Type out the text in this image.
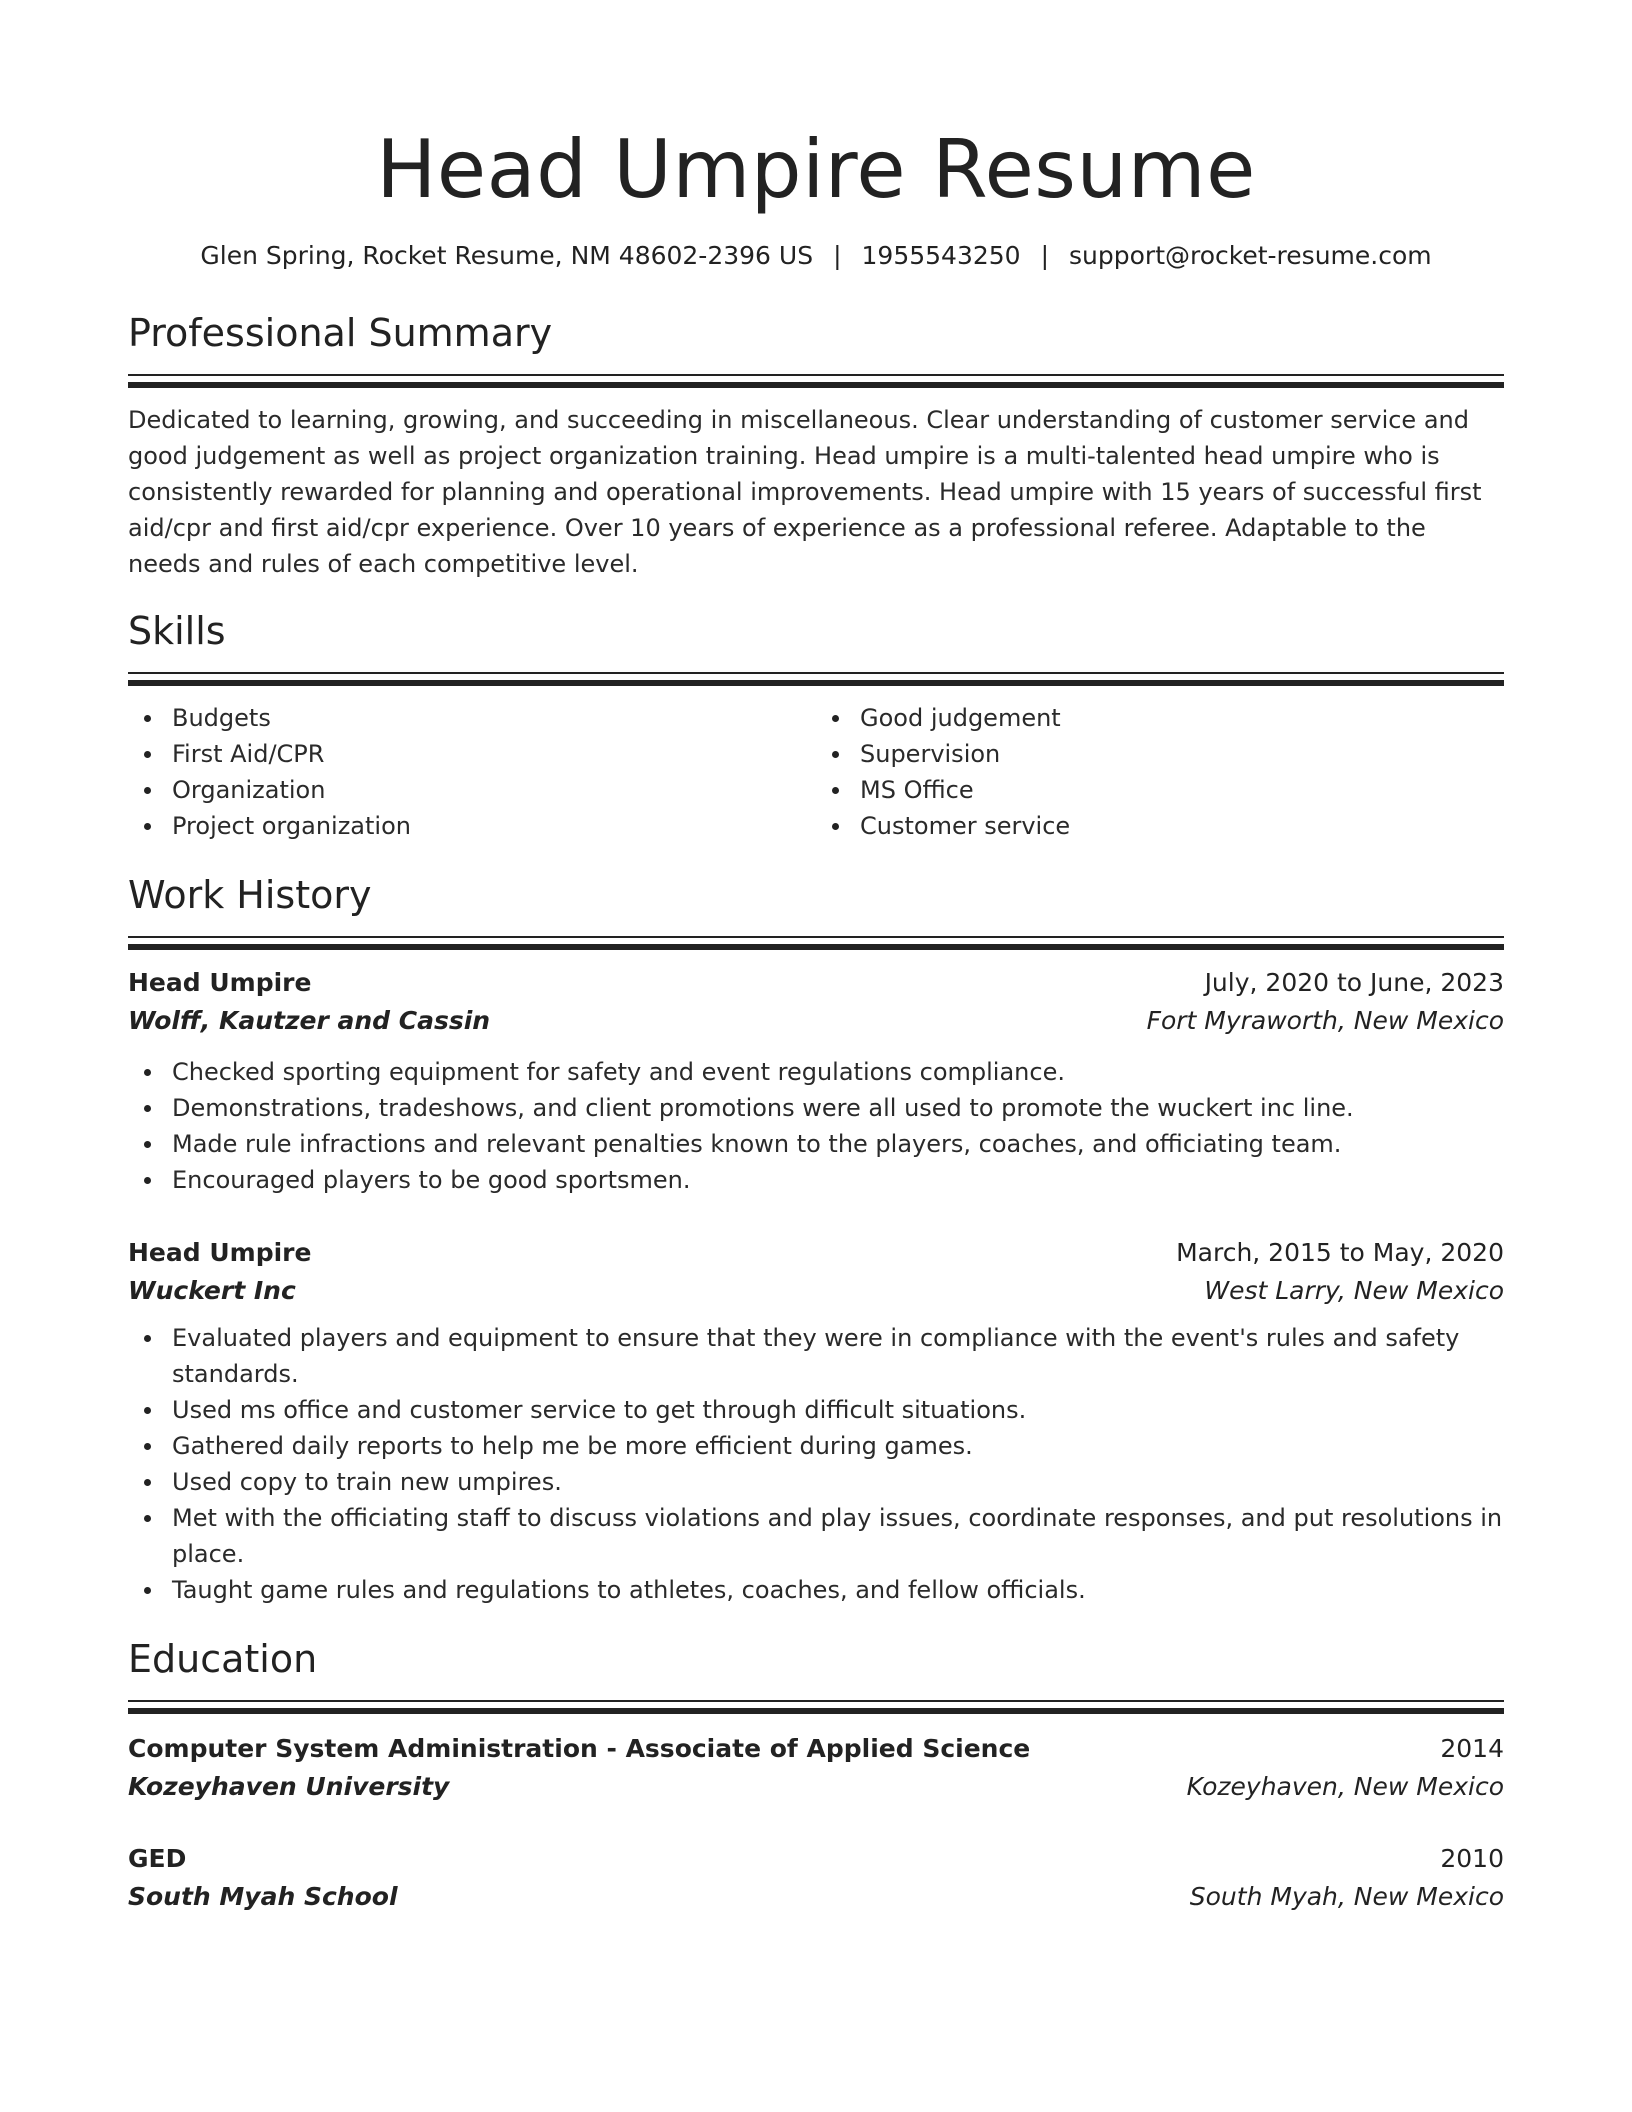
Head Umpire Resume
Glen Spring, Rocket Resume, NM 48602-2396 US | 1955543250 | support@rocket-resume.com
Professional Summary

Dedicated to learning, growing, and succeeding in miscellaneous. Clear understanding of customer service and good judgement as well as project organization training. Head umpire is a multi-talented head umpire who is consistently rewarded for planning and operational improvements. Head umpire with 15 years of successful first aid/cpr and first aid/cpr experience. Over 10 years of experience as a professional referee. Adaptable to the needs and rules of each competitive level.

Skills
Budgets
First Aid/CPR
Organization
Project organization
Good judgement
Supervision
MS Office
Customer service
Work History
Head Umpire	July, 2020 to June, 2023
Wolff, Kautzer and Cassin	Fort Myraworth, New Mexico
Checked sporting equipment for safety and event regulations compliance.
Demonstrations, tradeshows, and client promotions were all used to promote the wuckert inc line.
Made rule infractions and relevant penalties known to the players, coaches, and officiating team.
Encouraged players to be good sportsmen.
Head Umpire	March, 2015 to May, 2020
Wuckert Inc	West Larry, New Mexico
Evaluated players and equipment to ensure that they were in compliance with the event's rules and safety standards.
Used ms office and customer service to get through difficult situations.
Gathered daily reports to help me be more efficient during games.
Used copy to train new umpires.
Met with the officiating staff to discuss violations and play issues, coordinate responses, and put resolutions in place.
Taught game rules and regulations to athletes, coaches, and fellow officials.
Education
Computer System Administration - Associate of Applied Science	2014
Kozeyhaven University	Kozeyhaven, New Mexico
GED	2010
South Myah School	South Myah, New Mexico
